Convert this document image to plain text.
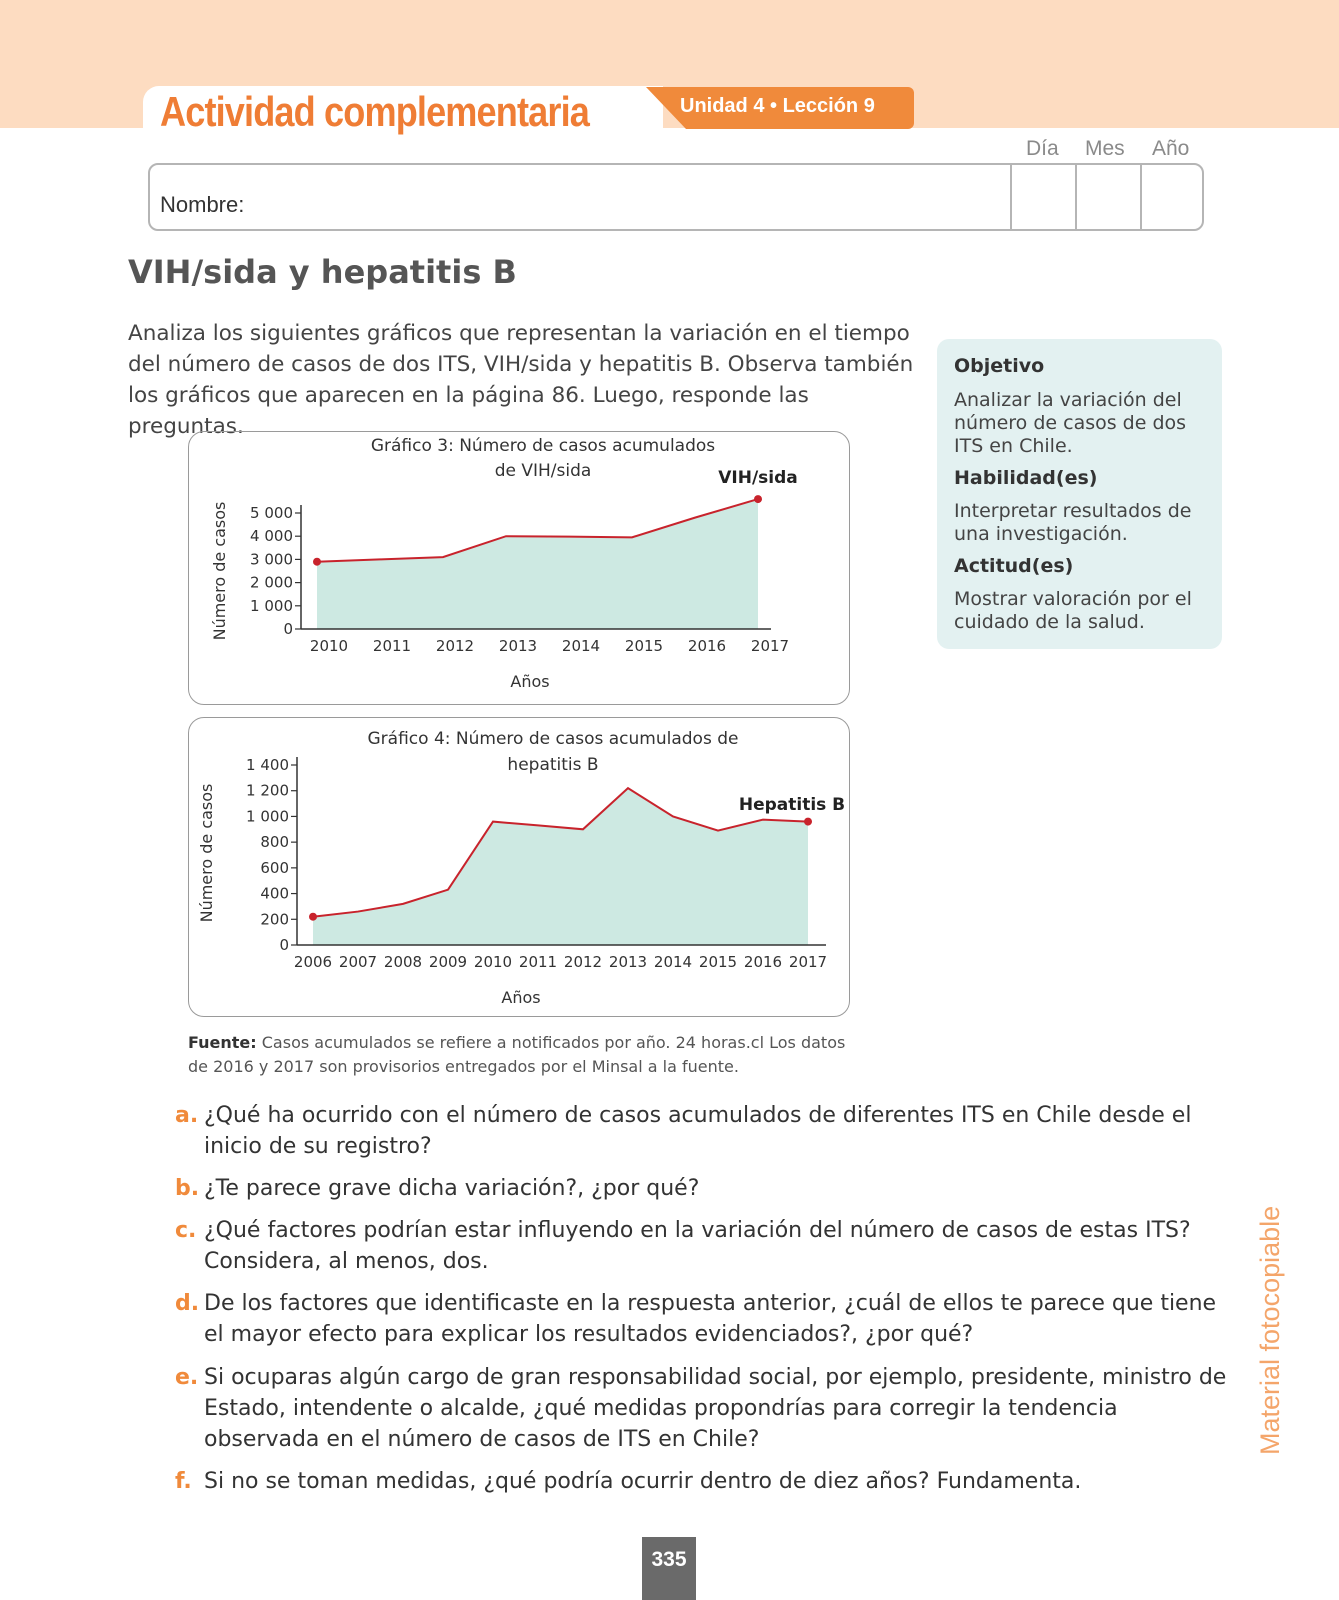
Actividad complementaria	Unidad 4 • Lección 9
Día Mes Año
Nombre:
VIH/sida y hepatitis B
Analiza los siguientes gráficos que representan la variación en el tiempo del número de casos de dos ITS, VIH/sida y hepatitis B. Observa también los gráficos que aparecen en la página 86. Luego, responde las preguntas.
Objetivo
Analizar la variación del número de casos de dos ITS en Chile.
Habilidad(es)
Interpretar resultados de una investigación.
Actitud(es)
Mostrar valoración por el cuidado de la salud.
0
1 000
2 000
3 000
4 000
5 000
2010 2011 2012 2013 2014 2015 2016 2017
Gráfico 3: Número de casos acumulados
de VIH/sida	VIH/sida
Años
Número de casos
0
200
400
600
800
1 000
1 200
1 400
2006 2007 2008 2009 2010 2011 2012 2013 2014 2015 2016 2017
Gráfico 4: Número de casos acumulados de
hepatitis B
Hepatitis B
Años
Número de casos
Fuente: Casos acumulados se refiere a notificados por año. 24 horas.cl Los datos de 2016 y 2017 son provisorios entregados por el Minsal a la fuente.
a. ¿Qué ha ocurrido con el número de casos acumulados de diferentes ITS en Chile desde el inicio de su registro?
b. ¿Te parece grave dicha variación?, ¿por qué?
c. ¿Qué factores podrían estar influyendo en la variación del número de casos de estas ITS? Considera, al menos, dos.
d. De los factores que identificaste en la respuesta anterior, ¿cuál de ellos te parece que tiene el mayor efecto para explicar los resultados evidenciados?, ¿por qué?
e. Si ocuparas algún cargo de gran responsabilidad social, por ejemplo, presidente, ministro de Estado, intendente o alcalde, ¿qué medidas propondrías para corregir la tendencia observada en el número de casos de ITS en Chile?
f. Si no se toman medidas, ¿qué podría ocurrir dentro de diez años? Fundamenta.
Material fotocopiable
335
